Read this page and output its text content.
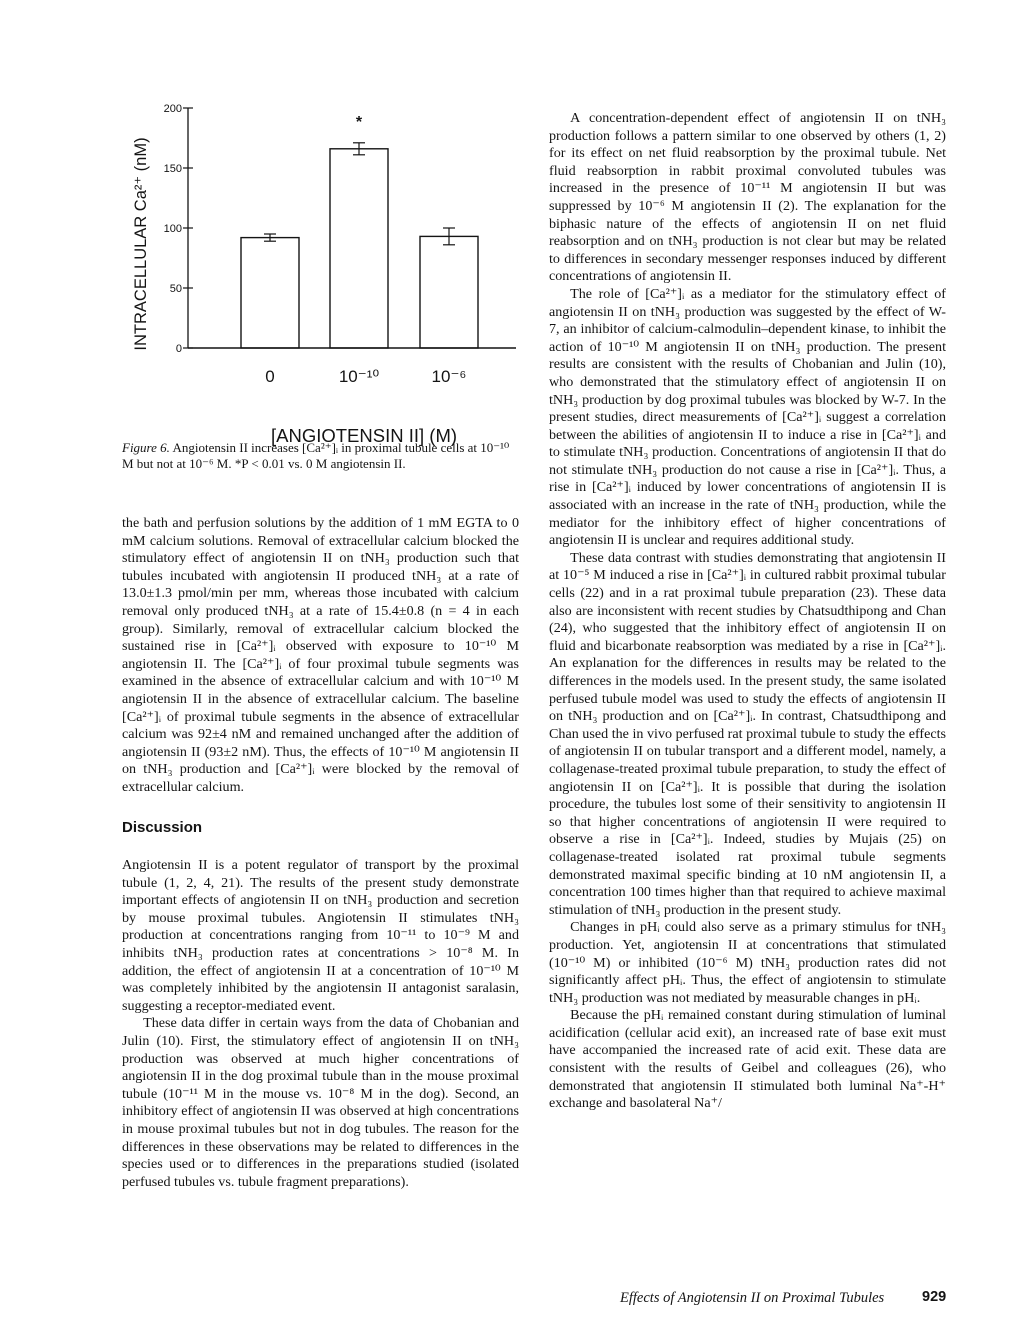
0
50
100
150
200
*
0	10⁻¹⁰	10⁻⁶
INTRACELLULAR Ca²⁺ (nM)
[ANGIOTENSIN II] (M)
Figure 6. Angiotensin II increases [Ca²⁺]ᵢ in proximal tubule cells at 10⁻¹⁰ M but not at 10⁻⁶ M. *P < 0.01 vs. 0 M angiotensin II.

the bath and perfusion solutions by the addition of 1 mM EGTA to 0 mM calcium solutions. Removal of extracellular calcium blocked the stimulatory effect of angiotensin II on tNH₃ production such that tubules incubated with angiotensin II produced tNH₃ at a rate of 13.0±1.3 pmol/min per mm, whereas those incubated with calcium removal only produced tNH₃ at a rate of 15.4±0.8 (n = 4 in each group). Similarly, removal of extracellular calcium blocked the sustained rise in [Ca²⁺]ᵢ observed with exposure to 10⁻¹⁰ M angiotensin II. The [Ca²⁺]ᵢ of four proximal tubule segments was examined in the absence of extracellular calcium and with 10⁻¹⁰ M angiotensin II in the absence of extracellular calcium. The baseline [Ca²⁺]ᵢ of proximal tubule segments in the absence of extracellular calcium was 92±4 nM and remained unchanged after the addition of angiotensin II (93±2 nM). Thus, the effects of 10⁻¹⁰ M angiotensin II on tNH₃ production and [Ca²⁺]ᵢ were blocked by the removal of extracellular calcium.

Discussion

Angiotensin II is a potent regulator of transport by the proximal tubule (1, 2, 4, 21). The results of the present study demonstrate important effects of angiotensin II on tNH₃ production and secretion by mouse proximal tubules. Angiotensin II stimulates tNH₃ production at concentrations ranging from 10⁻¹¹ to 10⁻⁹ M and inhibits tNH₃ production rates at concentrations > 10⁻⁸ M. In addition, the effect of angiotensin II at a concentration of 10⁻¹⁰ M was completely inhibited by the angiotensin II antagonist saralasin, suggesting a receptor-mediated event.

These data differ in certain ways from the data of Chobanian and Julin (10). First, the stimulatory effect of angiotensin II on tNH₃ production was observed at much higher concentrations of angiotensin II in the dog proximal tubule than in the mouse proximal tubule (10⁻¹¹ M in the mouse vs. 10⁻⁸ M in the dog). Second, an inhibitory effect of angiotensin II was observed at high concentrations in mouse proximal tubules but not in dog tubules. The reason for the differences in these observations may be related to differences in the species used or to differences in the preparations studied (isolated perfused tubules vs. tubule fragment preparations).

A concentration-dependent effect of angiotensin II on tNH₃ production follows a pattern similar to one observed by others (1, 2) for its effect on net fluid reabsorption by the proximal tubule. Net fluid reabsorption in rabbit proximal convoluted tubules was increased in the presence of 10⁻¹¹ M angiotensin II but was suppressed by 10⁻⁶ M angiotensin II (2). The explanation for the biphasic nature of the effects of angiotensin II on net fluid reabsorption and on tNH₃ production is not clear but may be related to differences in secondary messenger responses induced by different concentrations of angiotensin II.

The role of [Ca²⁺]ᵢ as a mediator for the stimulatory effect of angiotensin II on tNH₃ production was suggested by the effect of W-7, an inhibitor of calcium-calmodulin–dependent kinase, to inhibit the action of 10⁻¹⁰ M angiotensin II on tNH₃ production. The present results are consistent with the results of Chobanian and Julin (10), who demonstrated that the stimulatory effect of angiotensin II on tNH₃ production by dog proximal tubules was blocked by W-7. In the present studies, direct measurements of [Ca²⁺]ᵢ suggest a correlation between the abilities of angiotensin II to induce a rise in [Ca²⁺]ᵢ and to stimulate tNH₃ production. Concentrations of angiotensin II that do not stimulate tNH₃ production do not cause a rise in [Ca²⁺]ᵢ. Thus, a rise in [Ca²⁺]ᵢ induced by lower concentrations of angiotensin II is associated with an increase in the rate of tNH₃ production, while the mediator for the inhibitory effect of higher concentrations of angiotensin II is unclear and requires additional study.

These data contrast with studies demonstrating that angiotensin II at 10⁻⁵ M induced a rise in [Ca²⁺]ᵢ in cultured rabbit proximal tubular cells (22) and in a rat proximal tubule preparation (23). These data also are inconsistent with recent studies by Chatsudthipong and Chan (24), who suggested that the inhibitory effect of angiotensin II on fluid and bicarbonate reabsorption was mediated by a rise in [Ca²⁺]ᵢ. An explanation for the differences in results may be related to the differences in the models used. In the present study, the same isolated perfused tubule model was used to study the effects of angiotensin II on tNH₃ production and on [Ca²⁺]ᵢ. In contrast, Chatsudthipong and Chan used the in vivo perfused rat proximal tubule to study the effects of angiotensin II on tubular transport and a different model, namely, a collagenase-treated proximal tubule preparation, to study the effect of angiotensin II on [Ca²⁺]ᵢ. It is possible that during the isolation procedure, the tubules lost some of their sensitivity to angiotensin II so that higher concentrations of angiotensin II were required to observe a rise in [Ca²⁺]ᵢ. Indeed, studies by Mujais (25) on collagenase-treated isolated rat proximal tubule segments demonstrated maximal specific binding at 10 nM angiotensin II, a concentration 100 times higher than that required to achieve maximal stimulation of tNH₃ production in the present study.

Changes in pHᵢ could also serve as a primary stimulus for tNH₃ production. Yet, angiotensin II at concentrations that stimulated (10⁻¹⁰ M) or inhibited (10⁻⁶ M) tNH₃ production rates did not significantly affect pHᵢ. Thus, the effect of angiotensin to stimulate tNH₃ production was not mediated by measurable changes in pHᵢ.

Because the pHᵢ remained constant during stimulation of luminal acidification (cellular acid exit), an increased rate of base exit must have accompanied the increased rate of acid exit. These data are consistent with the results of Geibel and colleagues (26), who demonstrated that angiotensin II stimulated both luminal Na⁺-H⁺ exchange and basolateral Na⁺/

Effects of Angiotensin II on Proximal Tubules	929
